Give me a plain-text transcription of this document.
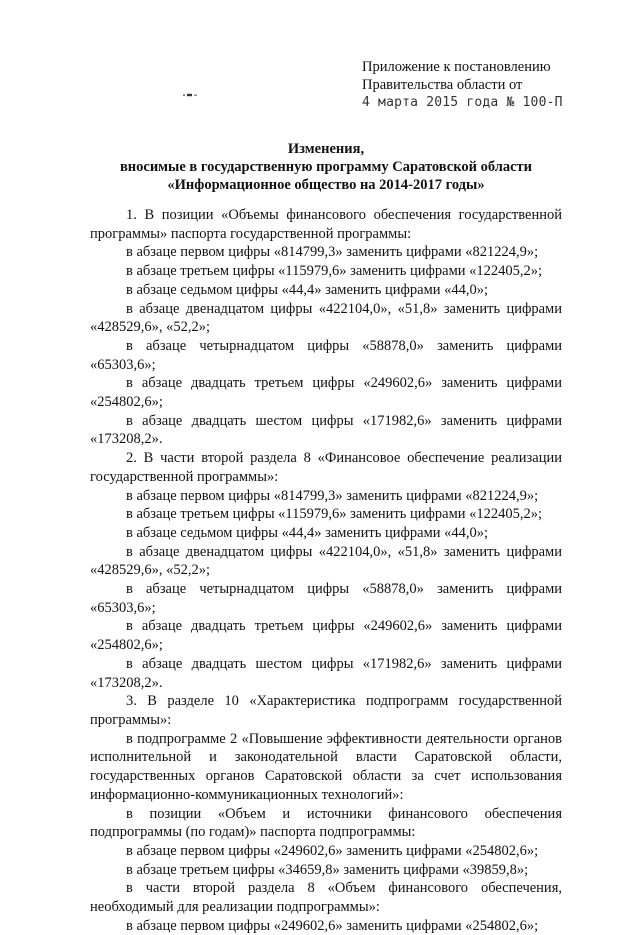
Приложение к постановлению
Правительства области от
4 марта 2015 года № 100-П
Изменения,
вносимые в государственную программу Саратовской области
«Информационное общество на 2014-2017 годы»

1. В позиции «Объемы финансового обеспечения государственной программы» паспорта государственной программы:

в абзаце первом цифры «814799,3» заменить цифрами «821224,9»;

в абзаце третьем цифры «115979,6» заменить цифрами «122405,2»;

в абзаце седьмом цифры «44,4» заменить цифрами «44,0»;

в абзаце двенадцатом цифры «422104,0», «51,8» заменить цифрами «428529,6», «52,2»;

в абзаце четырнадцатом цифры «58878,0» заменить цифрами «65303,6»;

в абзаце двадцать третьем цифры «249602,6» заменить цифрами «254802,6»;

в абзаце двадцать шестом цифры «171982,6» заменить цифрами «173208,2».

2. В части второй раздела 8 «Финансовое обеспечение реализации государственной программы»:

в абзаце первом цифры «814799,3» заменить цифрами «821224,9»;

в абзаце третьем цифры «115979,6» заменить цифрами «122405,2»;

в абзаце седьмом цифры «44,4» заменить цифрами «44,0»;

в абзаце двенадцатом цифры «422104,0», «51,8» заменить цифрами «428529,6», «52,2»;

в абзаце четырнадцатом цифры «58878,0» заменить цифрами «65303,6»;

в абзаце двадцать третьем цифры «249602,6» заменить цифрами «254802,6»;

в абзаце двадцать шестом цифры «171982,6» заменить цифрами «173208,2».

3. В разделе 10 «Характеристика подпрограмм государственной программы»:

в подпрограмме 2 «Повышение эффективности деятельности органов исполнительной и законодательной власти Саратовской области, государственных органов Саратовской области за счет использования информационно-коммуникационных технологий»:

в позиции «Объем и источники финансового обеспечения подпрограммы (по годам)» паспорта подпрограммы:

в абзаце первом цифры «249602,6» заменить цифрами «254802,6»;

в абзаце третьем цифры «34659,8» заменить цифрами «39859,8»;

в части второй раздела 8 «Объем финансового обеспечения, необходимый для реализации подпрограммы»:

в абзаце первом цифры «249602,6» заменить цифрами «254802,6»;
